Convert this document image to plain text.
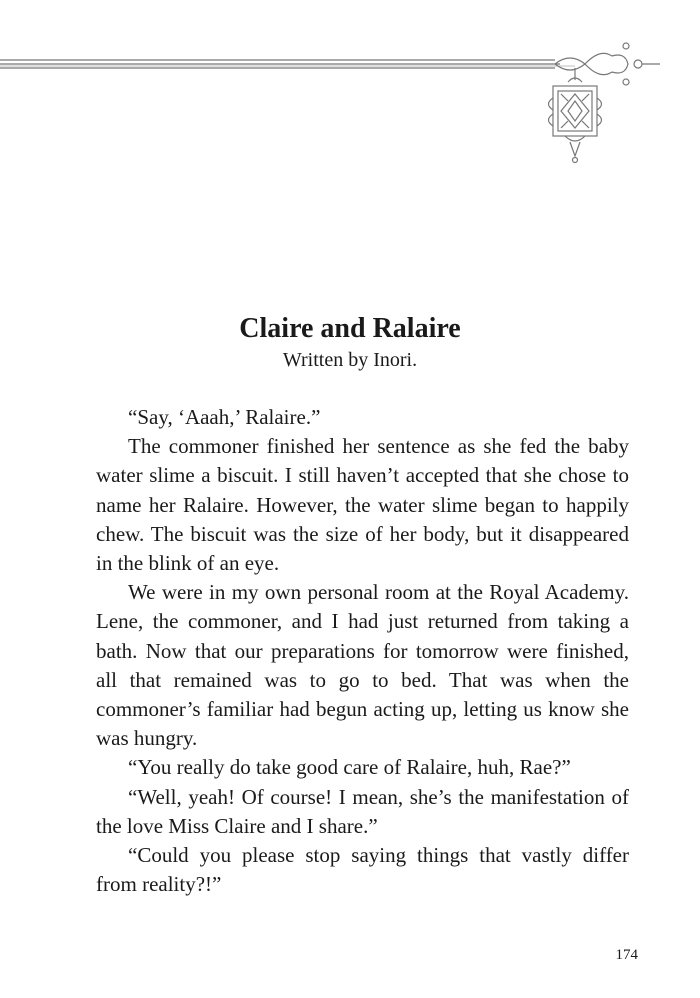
Claire and Ralaire

Written by Inori.

“Say, ‘Aaah,’ Ralaire.”

The commoner finished her sentence as she fed the baby water slime a biscuit. I still haven’t accepted that she chose to name her Ralaire. However, the water slime began to happily chew. The biscuit was the size of her body, but it disappeared in the blink of an eye.

We were in my own personal room at the Royal Academy. Lene, the commoner, and I had just returned from taking a bath. Now that our preparations for tomorrow were finished, all that remained was to go to bed. That was when the commoner’s familiar had begun acting up, letting us know she was hungry.

“You really do take good care of Ralaire, huh, Rae?”

“Well, yeah! Of course! I mean, she’s the manifestation of the love Miss Claire and I share.”

“Could you please stop saying things that vastly differ from reality?!”

174
